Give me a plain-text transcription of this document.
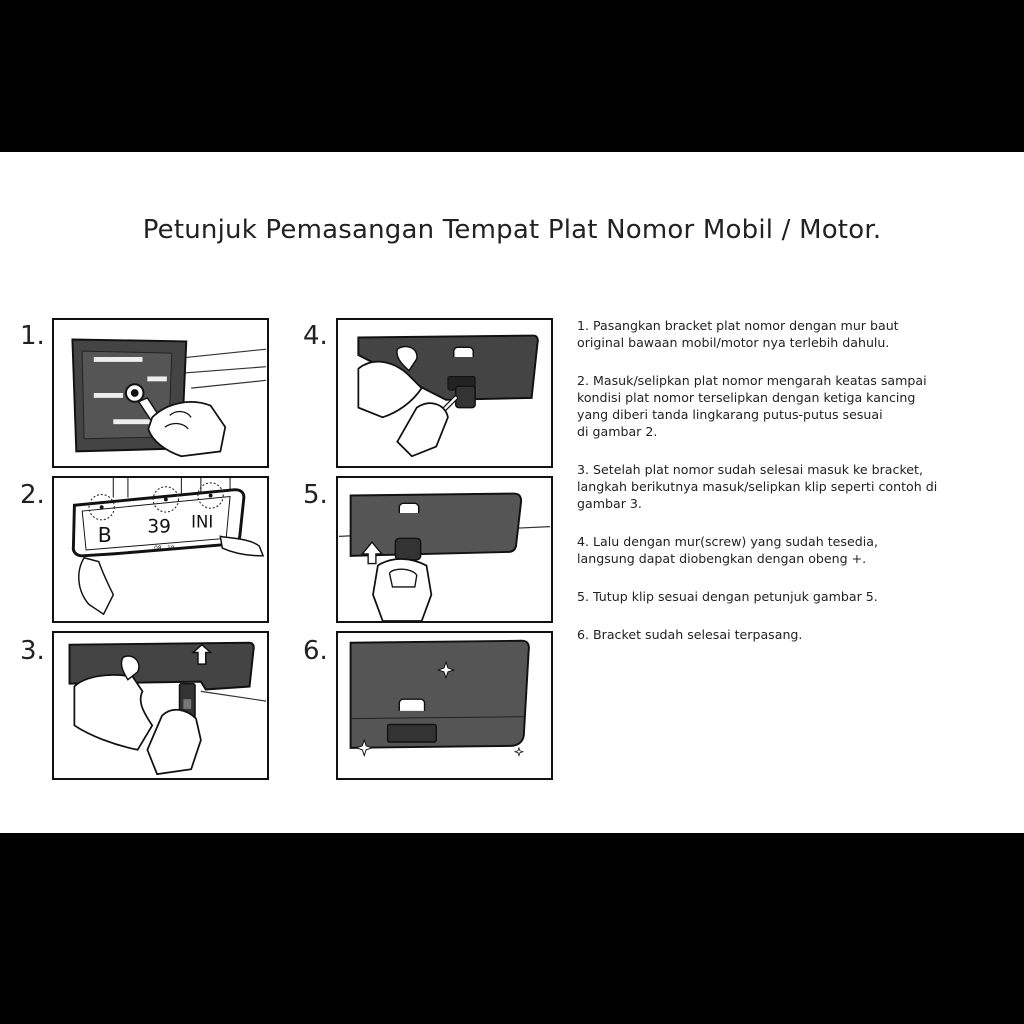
Petunjuk Pemasangan Tempat Plat Nomor Mobil / Motor.
1.
2.
3.
4.
5.
6.
B 39 INI
08 . 18
1. Pasangkan bracket plat nomor dengan mur baut
original bawaan mobil/motor nya terlebih dahulu.
2. Masuk/selipkan plat nomor mengarah keatas sampai
kondisi plat nomor terselipkan dengan ketiga kancing
yang diberi tanda lingkarang putus-putus sesuai
di gambar 2.
3. Setelah plat nomor sudah selesai masuk ke bracket,
langkah berikutnya masuk/selipkan klip seperti contoh di
gambar 3.
4. Lalu dengan mur(screw) yang sudah tesedia,
langsung dapat diobengkan dengan obeng +.
5. Tutup klip sesuai dengan petunjuk gambar 5.
6. Bracket sudah selesai terpasang.
